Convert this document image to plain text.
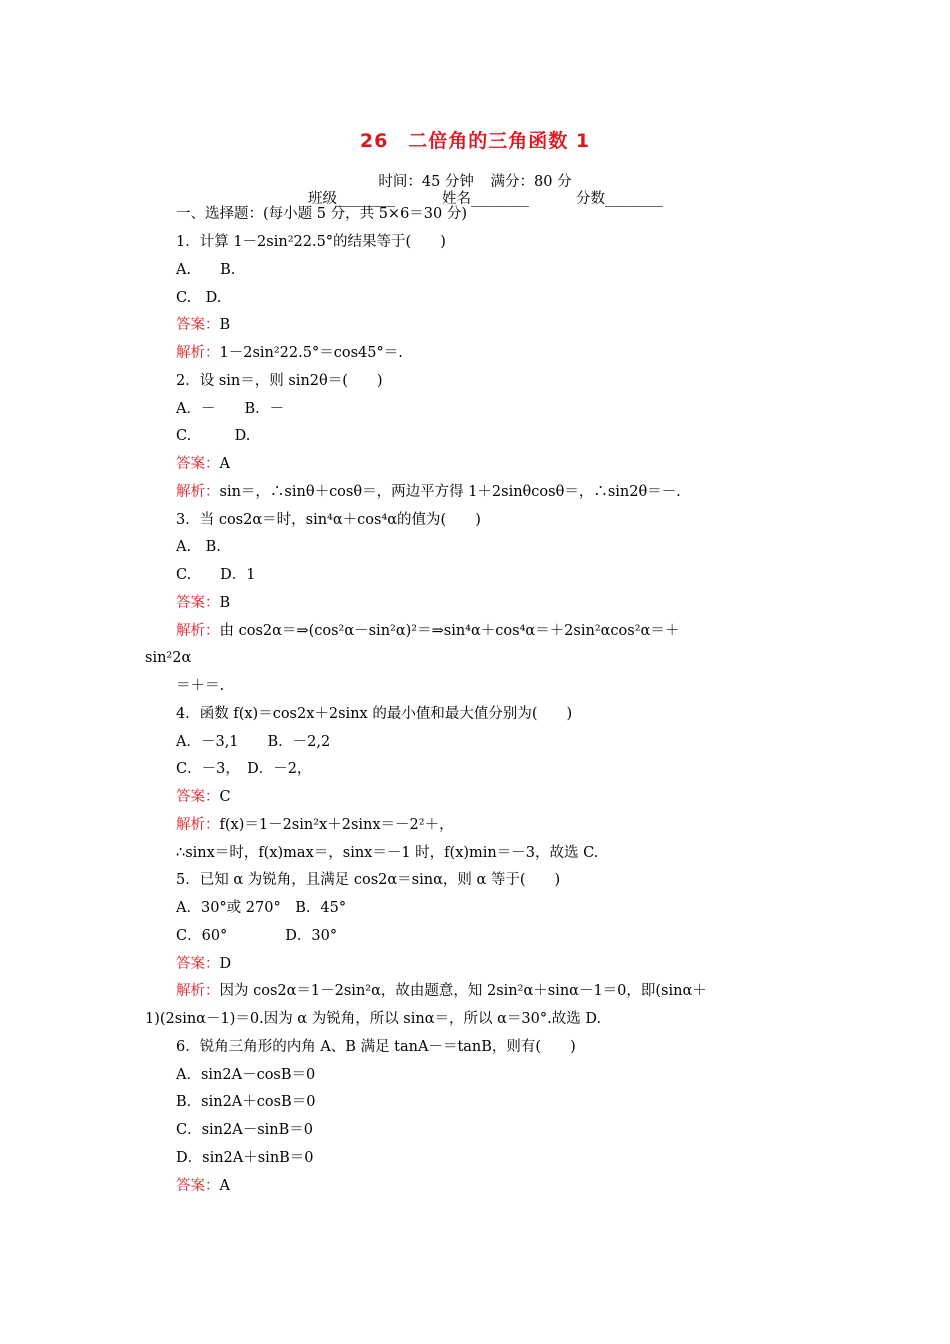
26　二倍角的三角函数 1
时间：45 分钟 满分：80 分
班级________	姓名________	分数________
一、选择题：(每小题 5 分，共 5×6＝30 分)
1．计算 1－2sin²22.5°的结果等于(　　)
A.　　B.
C.　D.
答案：B
解析：1－2sin²22.5°＝cos45°＝.
2．设 sin＝，则 sin2θ＝(　　)
A．－　　B．－
C.　　　D.
答案：A
解析：sin＝，∴sinθ＋cosθ＝，两边平方得 1＋2sinθcosθ＝，∴sin2θ＝－.
3．当 cos2α＝时，sin⁴α＋cos⁴α的值为(　　)
A.　B.
C.　　D．1
答案：B
解析：由 cos2α＝⇒(cos²α－sin²α)²＝⇒sin⁴α＋cos⁴α＝＋2sin²αcos²α＝＋
sin²2α
＝＋＝.
4．函数 f(x)＝cos2x＋2sinx 的最小值和最大值分别为(　　)
A．－3,1　　B．－2,2
C．－3，　D．－2，
答案：C
解析：f(x)＝1－2sin²x＋2sinx＝－2²＋，
∴sinx＝时，f(x)max＝，sinx＝－1 时，f(x)min＝－3，故选 C.
5．已知 α 为锐角，且满足 cos2α＝sinα，则 α 等于(　　)
A．30°或 270°　B．45°
C．60°　　　　D．30°
答案：D
解析：因为 cos2α＝1－2sin²α，故由题意，知 2sin²α＋sinα－1＝0，即(sinα＋
1)(2sinα－1)＝0.因为 α 为锐角，所以 sinα＝，所以 α＝30°.故选 D.
6．锐角三角形的内角 A、B 满足 tanA－＝tanB，则有(　　)
A．sin2A－cosB＝0
B．sin2A＋cosB＝0
C．sin2A－sinB＝0
D．sin2A＋sinB＝0
答案：A
